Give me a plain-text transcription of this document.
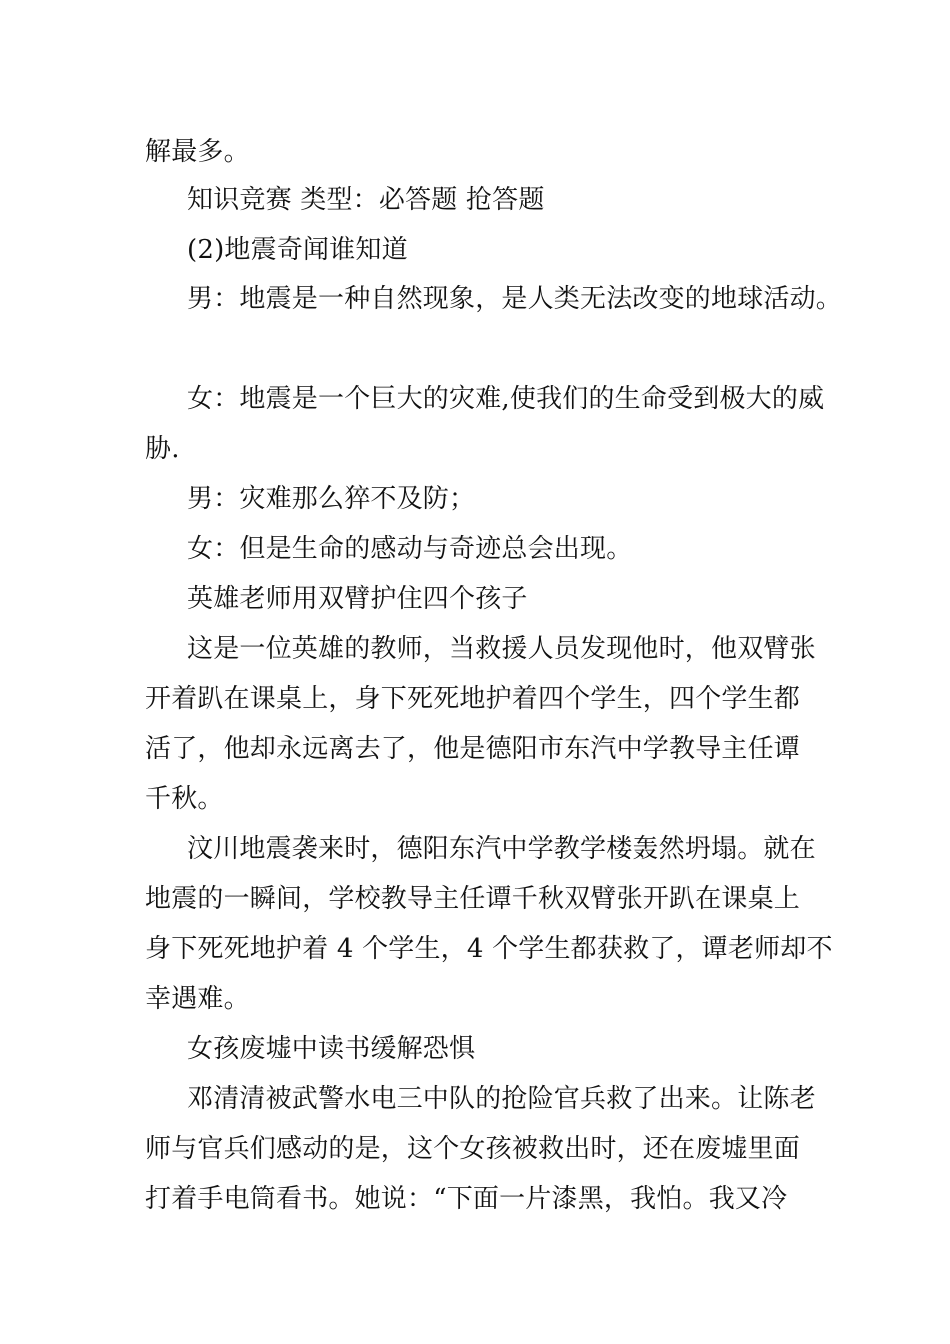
解最多。
知识竞赛 类型：必答题 抢答题
(2)地震奇闻谁知道
男：地震是一种自然现象，是人类无法改变的地球活动。
女：地震是一个巨大的灾难,使我们的生命受到极大的威
胁.
男：灾难那么猝不及防；
女：但是生命的感动与奇迹总会出现。
英雄老师用双臂护住四个孩子
这是一位英雄的教师，当救援人员发现他时，他双臂张
开着趴在课桌上，身下死死地护着四个学生，四个学生都
活了，他却永远离去了，他是德阳市东汽中学教导主任谭
千秋。
汶川地震袭来时，德阳东汽中学教学楼轰然坍塌。就在
地震的一瞬间，学校教导主任谭千秋双臂张开趴在课桌上
身下死死地护着 4 个学生，4 个学生都获救了，谭老师却不
幸遇难。
女孩废墟中读书缓解恐惧
邓清清被武警水电三中队的抢险官兵救了出来。让陈老
师与官兵们感动的是，这个女孩被救出时，还在废墟里面
打着手电筒看书。她说：“下面一片漆黑，我怕。我又冷
